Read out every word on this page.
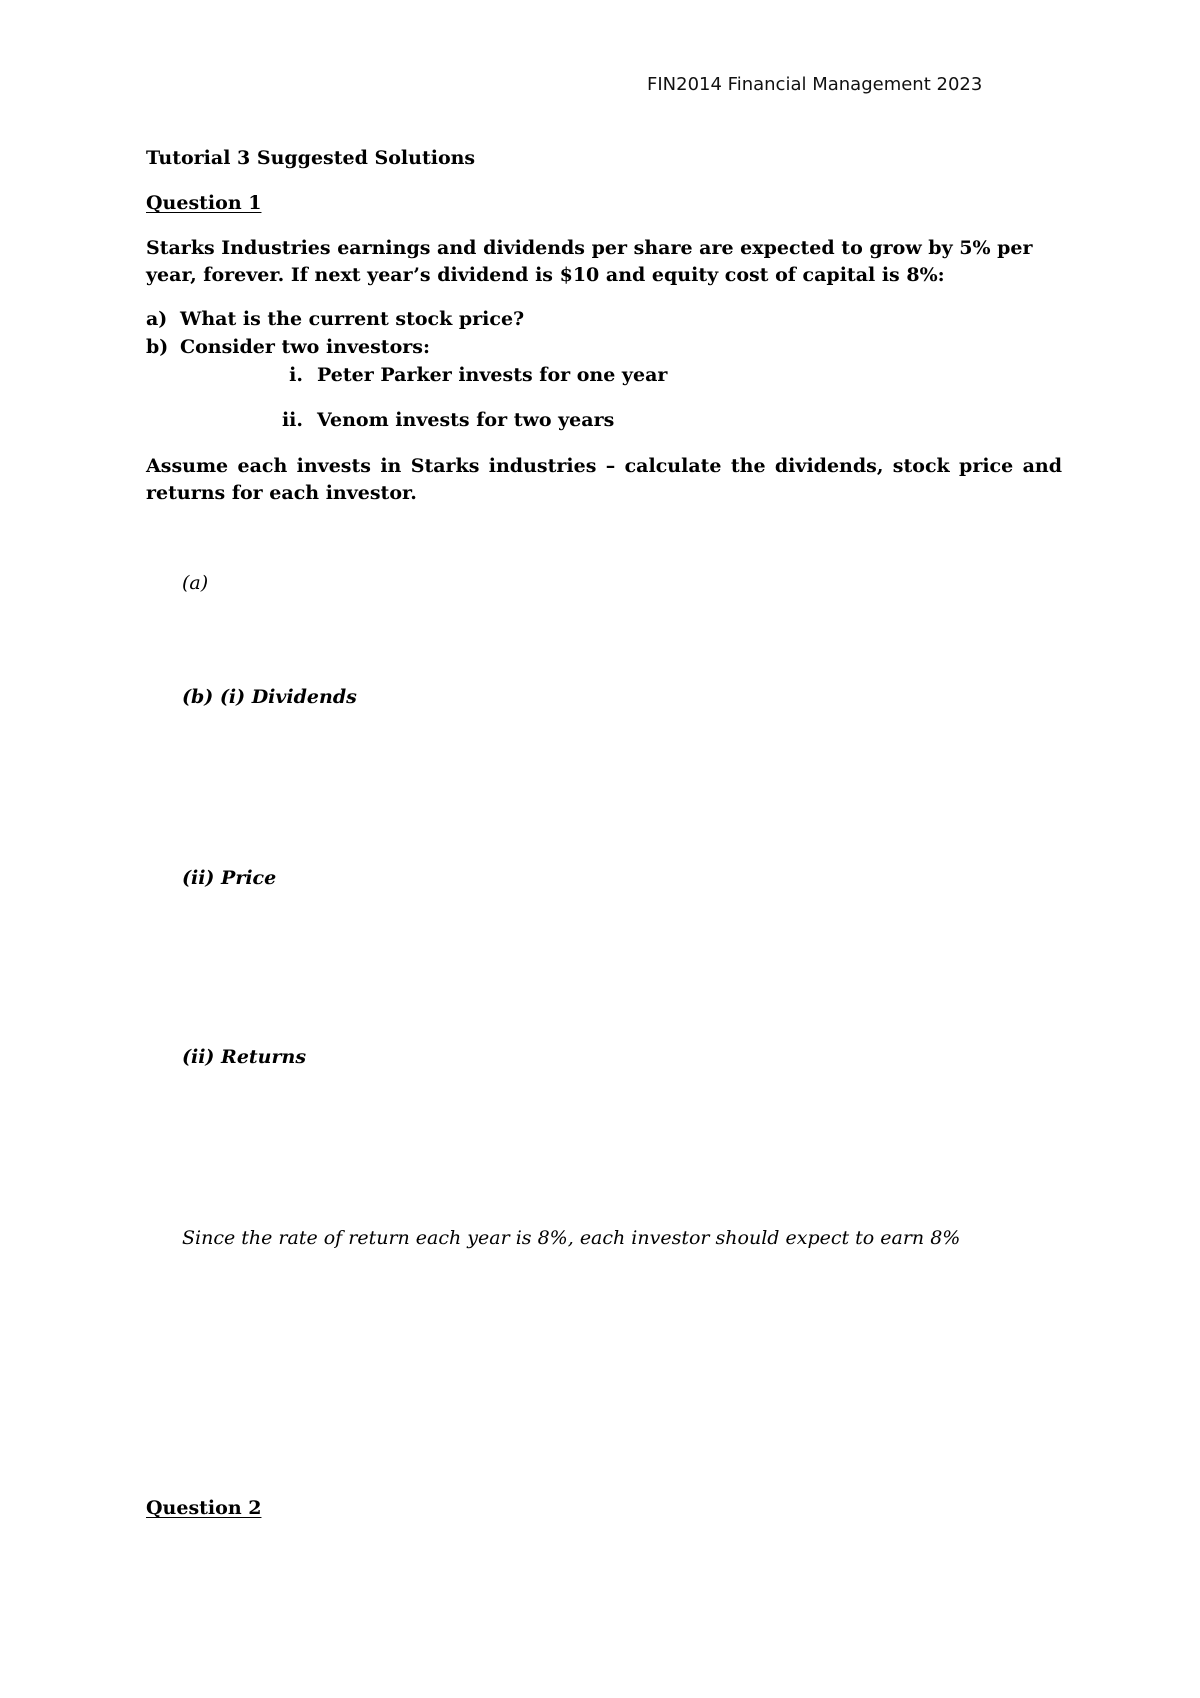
FIN2014 Financial Management 2023
Tutorial 3 Suggested Solutions
Question 1
Starks Industries earnings and dividends per share are expected to grow by 5% per year, forever. If next year’s dividend is $10 and equity cost of capital is 8%:
a) What is the current stock price?
b) Consider two investors:
i. Peter Parker invests for one year
ii. Venom invests for two years
Assume each invests in Starks industries – calculate the dividends, stock price and returns for each investor.
(a)
(b) (i) Dividends
(ii) Price
(ii) Returns
Since the rate of return each year is 8%, each investor should expect to earn 8%
Question 2
